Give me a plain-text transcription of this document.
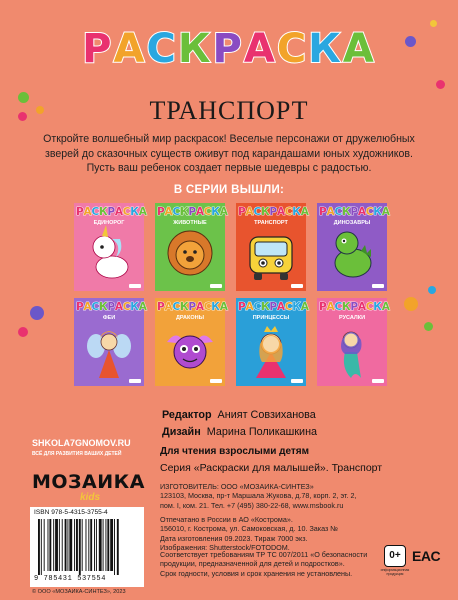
РАСКРАСКА
ТРАНСПОРТ
Откройте волшебный мир раскрасок! Веселые персонажи от дружелюбных зверей до сказочных существ оживут под карандашами юных художников. Пусть ваш ребенок создает первые шедевры с радостью.
В СЕРИИ ВЫШЛИ:
РАСКРАСКА
ЕДИНОРОГ
РАСКРАСКА
ЖИВОТНЫЕ
РАСКРАСКА
ТРАНСПОРТ
РАСКРАСКА
ДИНОЗАВРЫ
РАСКРАСКА
ФЕИ
РАСКРАСКА
ДРАКОНЫ
РАСКРАСКА
ПРИНЦЕССЫ
РАСКРАСКА
РУСАЛКИ
Редактор Аният Совзиханова
Дизайн Марина Поликашкина
Для чтения взрослыми детям
Серия «Раскраски для малышей». Транспорт
ИЗГОТОВИТЕЛЬ: ООО «МОЗАИКА-СИНТЕЗ»
123103, Москва, пр-т Маршала Жукова, д.78, корп. 2, эт. 2,
пом. I, ком. 21. Тел. +7 (495) 380-22-68, www.msbook.ru
Отпечатано в России в АО «Кострома».
156010, г. Кострома, ул. Самоковская, д. 10. Заказ №
Дата изготовления 09.2023. Тираж 7000 экз.
Изображения: Shutterstock/FOTODOM.
Соответствует требованиям ТР ТС 007/2011 «О безопасности
продукции, предназначенной для детей и подростков».
Срок годности, условия и срок хранения не установлены.
SHKOLA7GNOMOV.RU
ВСЁ ДЛЯ РАЗВИТИЯ ВАШИХ ДЕТЕЙ
МОЗАИКА
kids
ISBN 978-5-4315-3755-4
9 785431 537554
© ООО «МОЗАИКА-СИНТЕЗ», 2023
0+
информационная продукция
EAC
